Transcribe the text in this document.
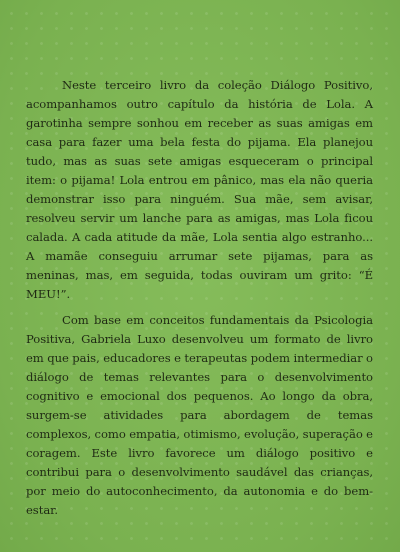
Neste terceiro livro da coleção Diálogo Positivo, acompanhamos outro capítulo da história de Lola. A garotinha sempre sonhou em receber as suas amigas em casa para fazer uma bela festa do pijama. Ela planejou tudo, mas as suas sete amigas esqueceram o principal item: o pijama! Lola entrou em pânico, mas ela não queria demonstrar isso para ninguém. Sua mãe, sem avisar, resolveu servir um lanche para as amigas, mas Lola ficou calada. A cada atitude da mãe, Lola sentia algo estranho... A mamãe conseguiu arrumar sete pijamas, para as meninas, mas, em seguida, todas ouviram um grito: “É MEU!”.

Com base em conceitos fundamentais da Psicologia Positiva, Gabriela Luxo desenvolveu um formato de livro em que pais, educadores e terapeutas podem intermediar o diálogo de temas relevantes para o desenvolvimento cognitivo e emocional dos pequenos. Ao longo da obra, surgem-se atividades para abordagem de temas complexos, como empatia, otimismo, evolução, superação e coragem. Este livro favorece um diálogo positivo e contribui para o desenvolvimento saudável das crianças, por meio do autoconhecimento, da autonomia e do bem-estar.
